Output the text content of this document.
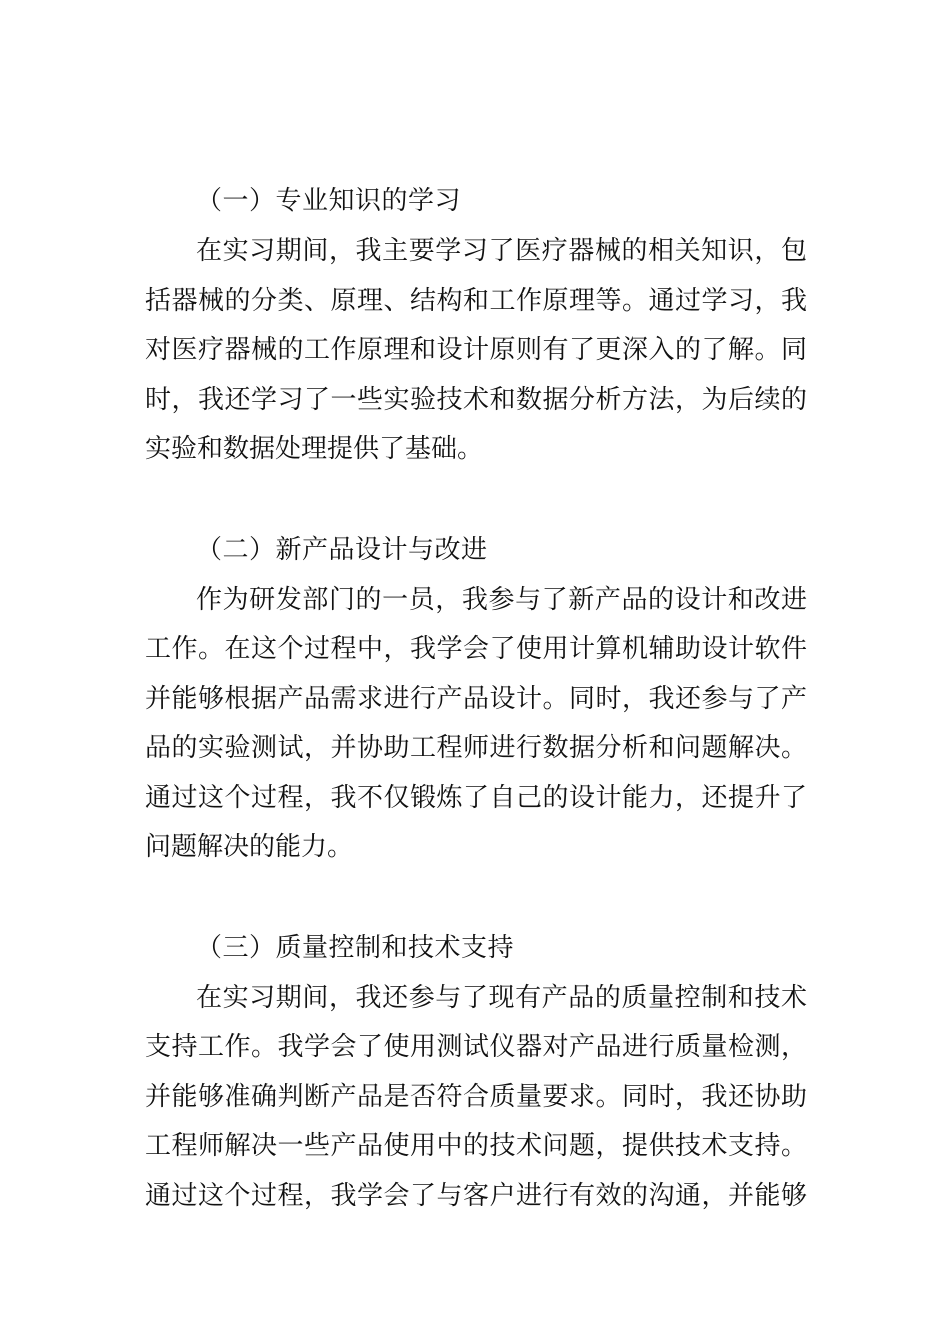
（一）专业知识的学习
在实习期间，我主要学习了医疗器械的相关知识，包
括器械的分类、原理、结构和工作原理等。通过学习，我
对医疗器械的工作原理和设计原则有了更深入的了解。同
时，我还学习了一些实验技术和数据分析方法，为后续的
实验和数据处理提供了基础。
（二）新产品设计与改进
作为研发部门的一员，我参与了新产品的设计和改进
工作。在这个过程中，我学会了使用计算机辅助设计软件
并能够根据产品需求进行产品设计。同时，我还参与了产
品的实验测试，并协助工程师进行数据分析和问题解决。
通过这个过程，我不仅锻炼了自己的设计能力，还提升了
问题解决的能力。
（三）质量控制和技术支持
在实习期间，我还参与了现有产品的质量控制和技术
支持工作。我学会了使用测试仪器对产品进行质量检测，
并能够准确判断产品是否符合质量要求。同时，我还协助
工程师解决一些产品使用中的技术问题，提供技术支持。
通过这个过程，我学会了与客户进行有效的沟通，并能够
